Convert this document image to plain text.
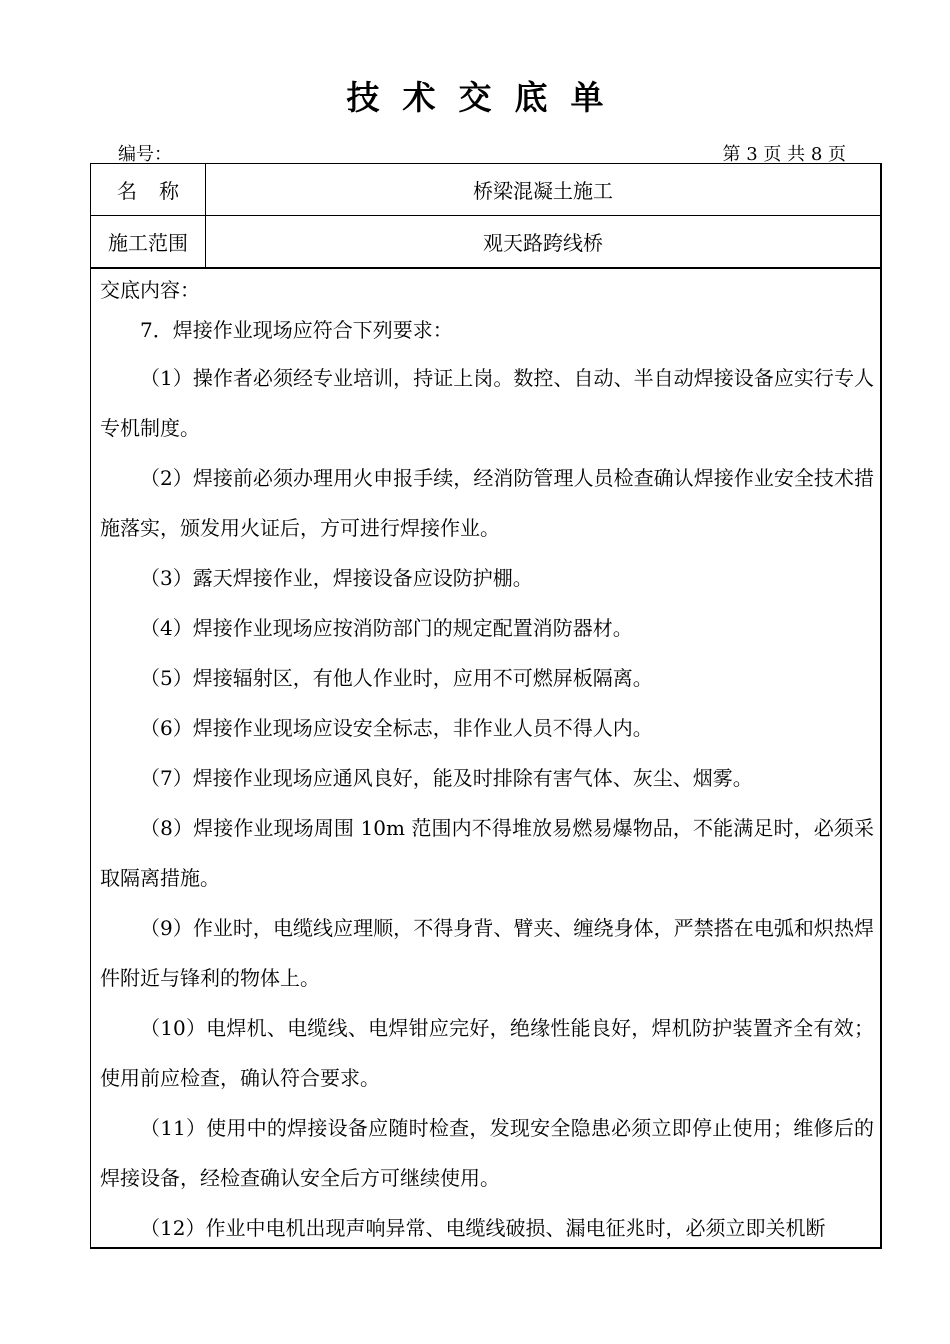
技术交底单
编号：	第 3 页 共 8 页
名称	桥梁混凝土施工
施工范围	观天路跨线桥
交底内容：

7．焊接作业现场应符合下列要求：

（1）操作者必须经专业培训，持证上岗。数控、自动、半自动焊接设备应实行专人专机制度。

（2）焊接前必须办理用火申报手续，经消防管理人员检查确认焊接作业安全技术措施落实，颁发用火证后，方可进行焊接作业。

（3）露天焊接作业，焊接设备应设防护棚。

（4）焊接作业现场应按消防部门的规定配置消防器材。

（5）焊接辐射区，有他人作业时，应用不可燃屏板隔离。

（6）焊接作业现场应设安全标志，非作业人员不得人内。

（7）焊接作业现场应通风良好，能及时排除有害气体、灰尘、烟雾。

（8）焊接作业现场周围 10m 范围内不得堆放易燃易爆物品，不能满足时，必须采取隔离措施。

（9）作业时，电缆线应理顺，不得身背、臂夹、缠绕身体，严禁搭在电弧和炽热焊件附近与锋利的物体上。

（10）电焊机、电缆线、电焊钳应完好，绝缘性能良好，焊机防护装置齐全有效；使用前应检查，确认符合要求。

（11）使用中的焊接设备应随时检查，发现安全隐患必须立即停止使用；维修后的焊接设备，经检查确认安全后方可继续使用。

（12）作业中电机出现声响异常、电缆线破损、漏电征兆时，必须立即关机断
